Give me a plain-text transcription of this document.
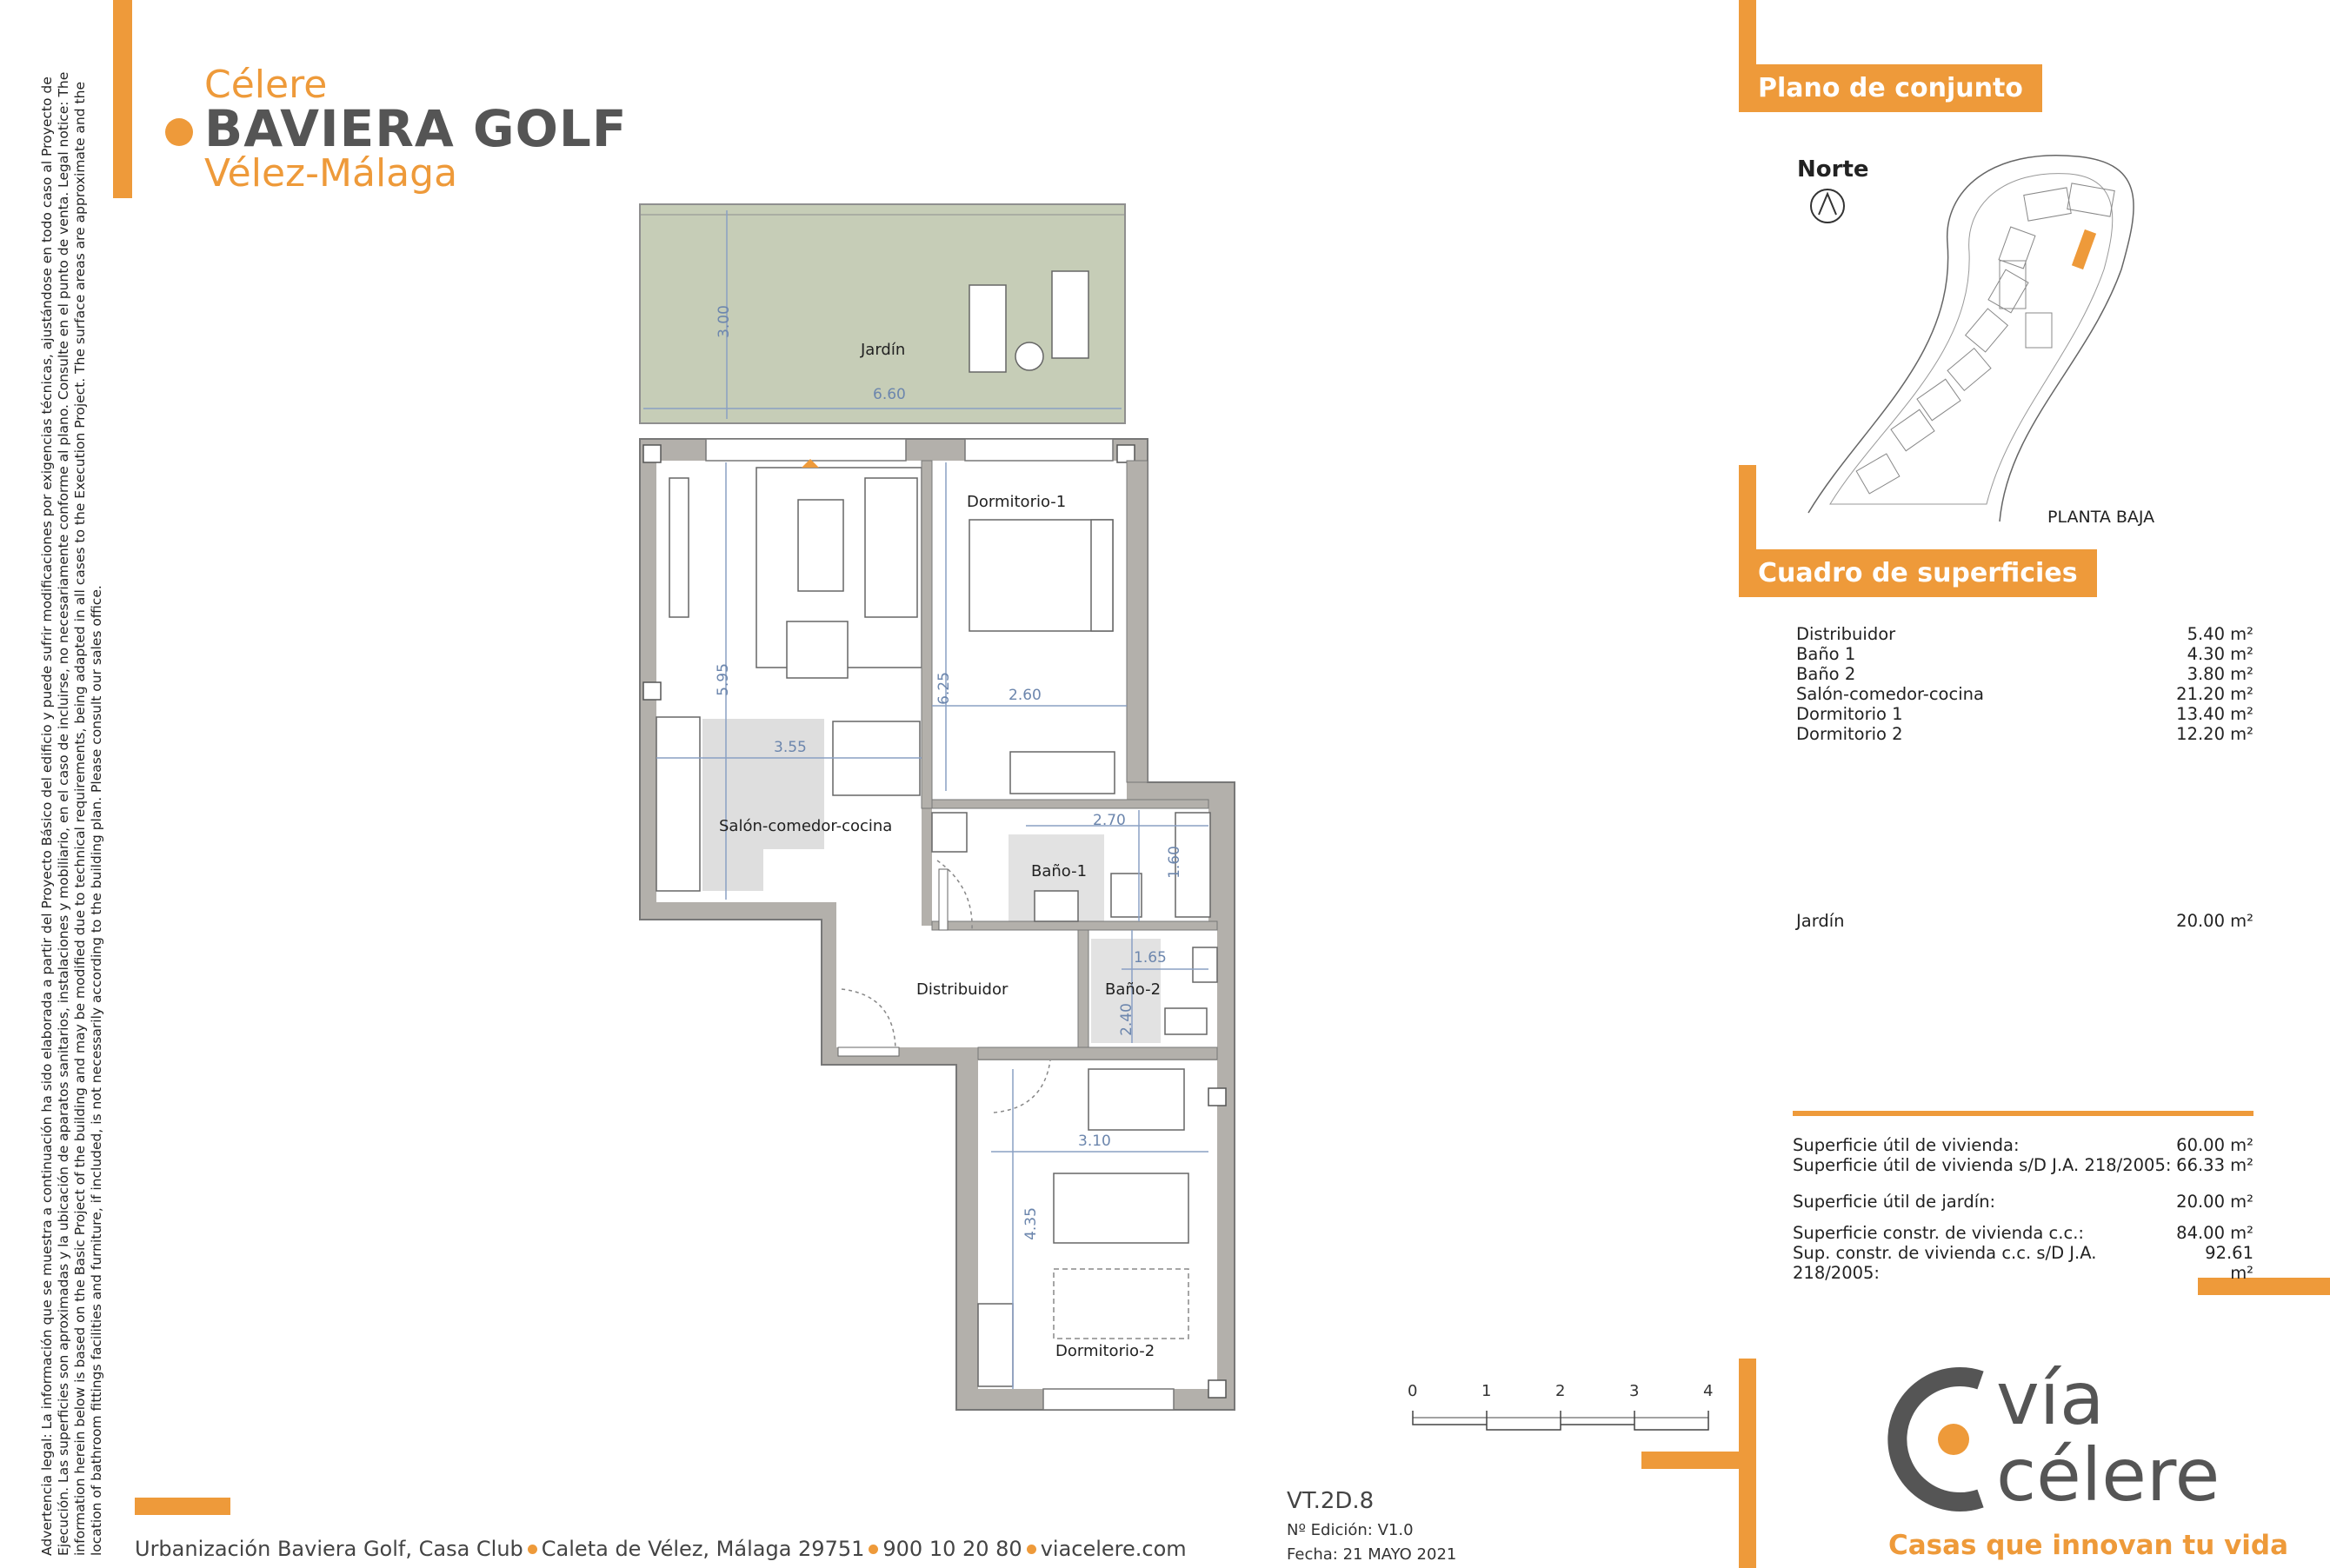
Advertencia legal: La información que se muestra a continuación ha sido elaborada a partir del Proyecto Básico del edificio y puede sufrir modificaciones por exigencias técnicas, ajustándose en todo caso al Proyecto de Ejecución. Las superficies son aproximadas y la ubicación de aparatos sanitarios, instalaciones y mobiliario, en el caso de incluirse, no necesariamente conforme al plano. Consulte en el punto de venta. Legal notice: The information herein below is based on the Basic Project of the building and may be modified due to technical requirements, being adapted in all cases to the Execution Project. The surface areas are approximate and the location of bathroom fittings facilities and furniture, if included, is not necessarily according to the building plan. Please consult our sales office.
Célere
BAVIERA GOLF
Vélez-Málaga
Jardín
Dormitorio-1
Salón-comedor-cocina
Baño-1
Distribuidor	Baño-2
Dormitorio-2
3.00
6.60
5.95
3.55
6.25	2.60
2.70
1.60
1.65
2.40
3.10
4.35
0	1	2	3	4
VT.2D.8
Nº Edición: V1.0
Fecha: 21 MAYO 2021
Urbanización Baviera Golf, Casa Club Caleta de Vélez, Málaga 29751 900 10 20 80 viacelere.com
Plano de conjunto
Norte
PLANTA BAJA
Cuadro de superficies
Distribuidor	5.40 m²
Baño 1	4.30 m²
Baño 2	3.80 m²
Salón-comedor-cocina	21.20 m²
Dormitorio 1	13.40 m²
Dormitorio 2	12.20 m²
Jardín	20.00 m²
Superficie útil de vivienda:	60.00 m²
Superficie útil de vivienda s/D J.A. 218/2005: 66.33 m²
Superficie útil de jardín:	20.00 m²
Superficie constr. de vivienda c.c.:	84.00 m²
Sup. constr. de vivienda c.c. s/D J.A. 218/2005:
92.61 m²
vía
célere
Casas que innovan tu vida
